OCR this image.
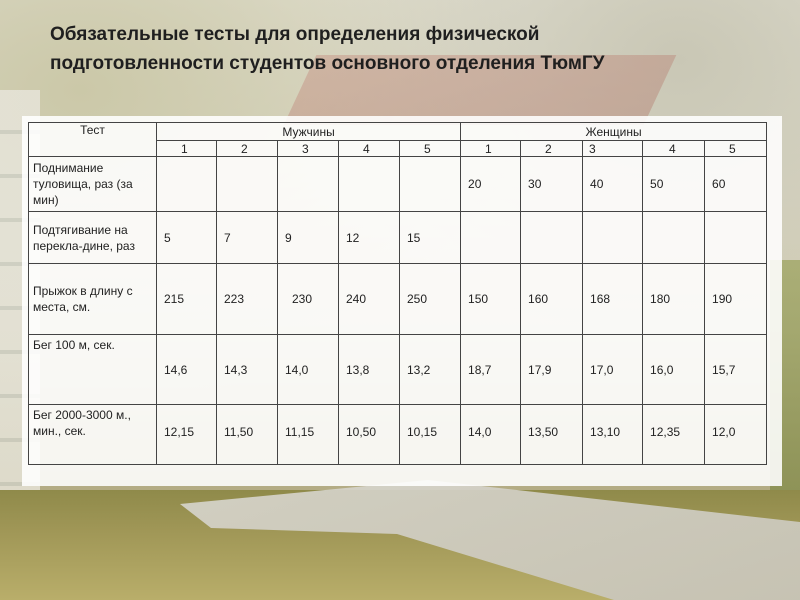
Обязательные тесты для определения физической
подготовленности студентов основного отделения ТюмГУ
Тест	Мужчины					Женщины				
	1	2	3	4	5	1	2	3	4	5
Поднимание туловища, раз (за мин)						20	30	40	50	60
Подтягивание на перекла-дине, раз	5	7	9	12	15					
Прыжок в длину с места, см.	215	223	230	240	250	150	160	168	180	190
Бег 100 м, сек.	14,6	14,3	14,0	13,8	13,2	18,7	17,9	17,0	16,0	15,7
Бег 2000-3000 м., мин., сек.	12,15	11,50	11,15	10,50	10,15	14,0	13,50	13,10	12,35	12,0
